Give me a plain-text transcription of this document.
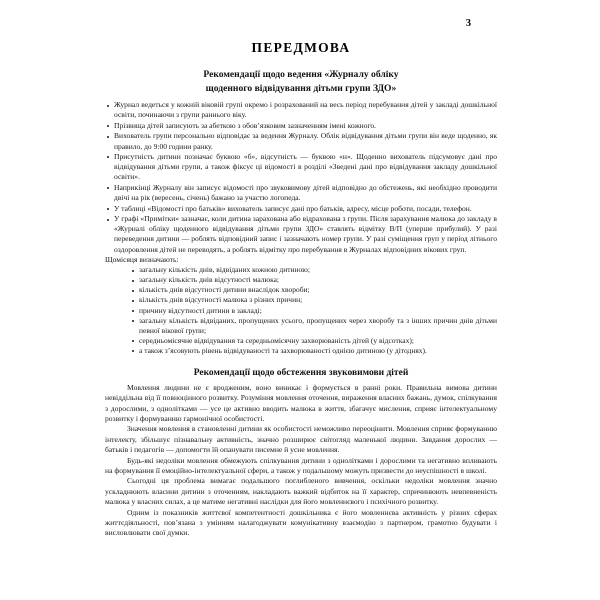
3
ПЕРЕДМОВА
Рекомендації щодо ведення «Журналу обліку
щоденного відвідування дітьми групи ЗДО»
Журнал ведеться у кожній віковій групі окремо і розрахований на весь період перебування дітей у закладі дошкільної освіти, починаючи з групи раннього віку.
Прізвища дітей записують за абеткою з обов’язковим зазначенням імені кожного.
Вихователь групи персонально відповідає за ведення Журналу. Облік відвідування дітьми групи він веде щоденно, як правило, до 9:00 години ранку.
Присутність дитини позначає буквою «б», відсутність — буквою «н». Щоденно вихователь підсумовує дані про відвідування дітьми групи, а також фіксує ці відомості в розділі «Зведені дані про відвідування закладу дошкільної освіти».
Наприкінці Журналу він записує відомості про звуковимову дітей відповідно до обстежень, які необхідно проводити двічі на рік (вересень, січень) бажано за участю логопеда.
У таблиці «Відомості про батьків» вихователь записує дані про батьків, адресу, місце роботи, посади, телефон.
У графі «Примітки» зазначає, коли дитина зарахована або відрахована з групи. Після зарахування малюка до закладу в «Журналі обліку щоденного відвідування дітьми групи ЗДО» ставлять відмітку В/П (уперше прибулий). У разі переведення дитини — роблять відповідний запис і зазначають номер групи. У разі суміщення груп у період літнього оздоровлення дітей не переводять, а роблять відмітку про перебування в Журналах відповідних вікових груп.

Щомісяця визначають:

загальну кількість днів, відвіданих кожною дитиною;
загальну кількість днів відсутності малюка;
кількість днів відсутності дитини внаслідок хвороби;
кількість днів відсутності малюка з різних причин;
причину відсутності дитини в закладі;
загальну кількість відвіданих, пропущених усього, пропущених через хворобу та з інших причин днів дітьми певної вікової групи;
середньомісячне відвідування та середньомісячну захворюваність дітей (у відсотках);
а також з’ясовують рівень відвідуваності та захворюваності однією дитиною (у дітоднях).
Рекомендації щодо обстеження звуковимови дітей

Мовлення людини не є вродженим, воно виникає і формується в ранні роки. Правильна вимова дитини невіддільна від її повноцінного розвитку. Розуміння мовлення оточення, вираження власних бажань, думок, спілкування з дорослими, з однолітками — усе це активно вводить малюка в життя, збагачує мислення, сприяє інтелектуальному розвитку і формуванню гармонічної особистості.

Значення мовлення в становленні дитини як особистості неможливо переоцінити. Мовлення сприяє формуванню інтелекту, збільшує пізнавальну активність, значно розширює світогляд маленької людини. Завдання дорослих — батьків і педагогів — допомогти їй опанувати писемне й усне мовлення.

Будь-які недоліки мовлення обмежують спілкування дитини з однолітками і дорослими та негативно впливають на формування її емоційно-інтелектуальної сфери, а також у подальшому можуть призвести до неуспішності в школі.

Сьогодні ця проблема вимагає подальшого поглибленого вивчення, оскільки недоліки мовлення значно ускладнюють власини дитини з оточенням, накладають важкий відбиток на її характер, спричинюють невпевненість малюка у власних силах, а це матиме негативні наслідки для його мовленнєвого і психічного розвитку.

Одним із показників життєвої компетентності дошкільника є його мовленнєва активність у різних сферах життєдіяльності, пов’язана з умінням налагоджувати комунікативну взаємодію з партнером, грамотно будувати і висловлювати свої думки.
